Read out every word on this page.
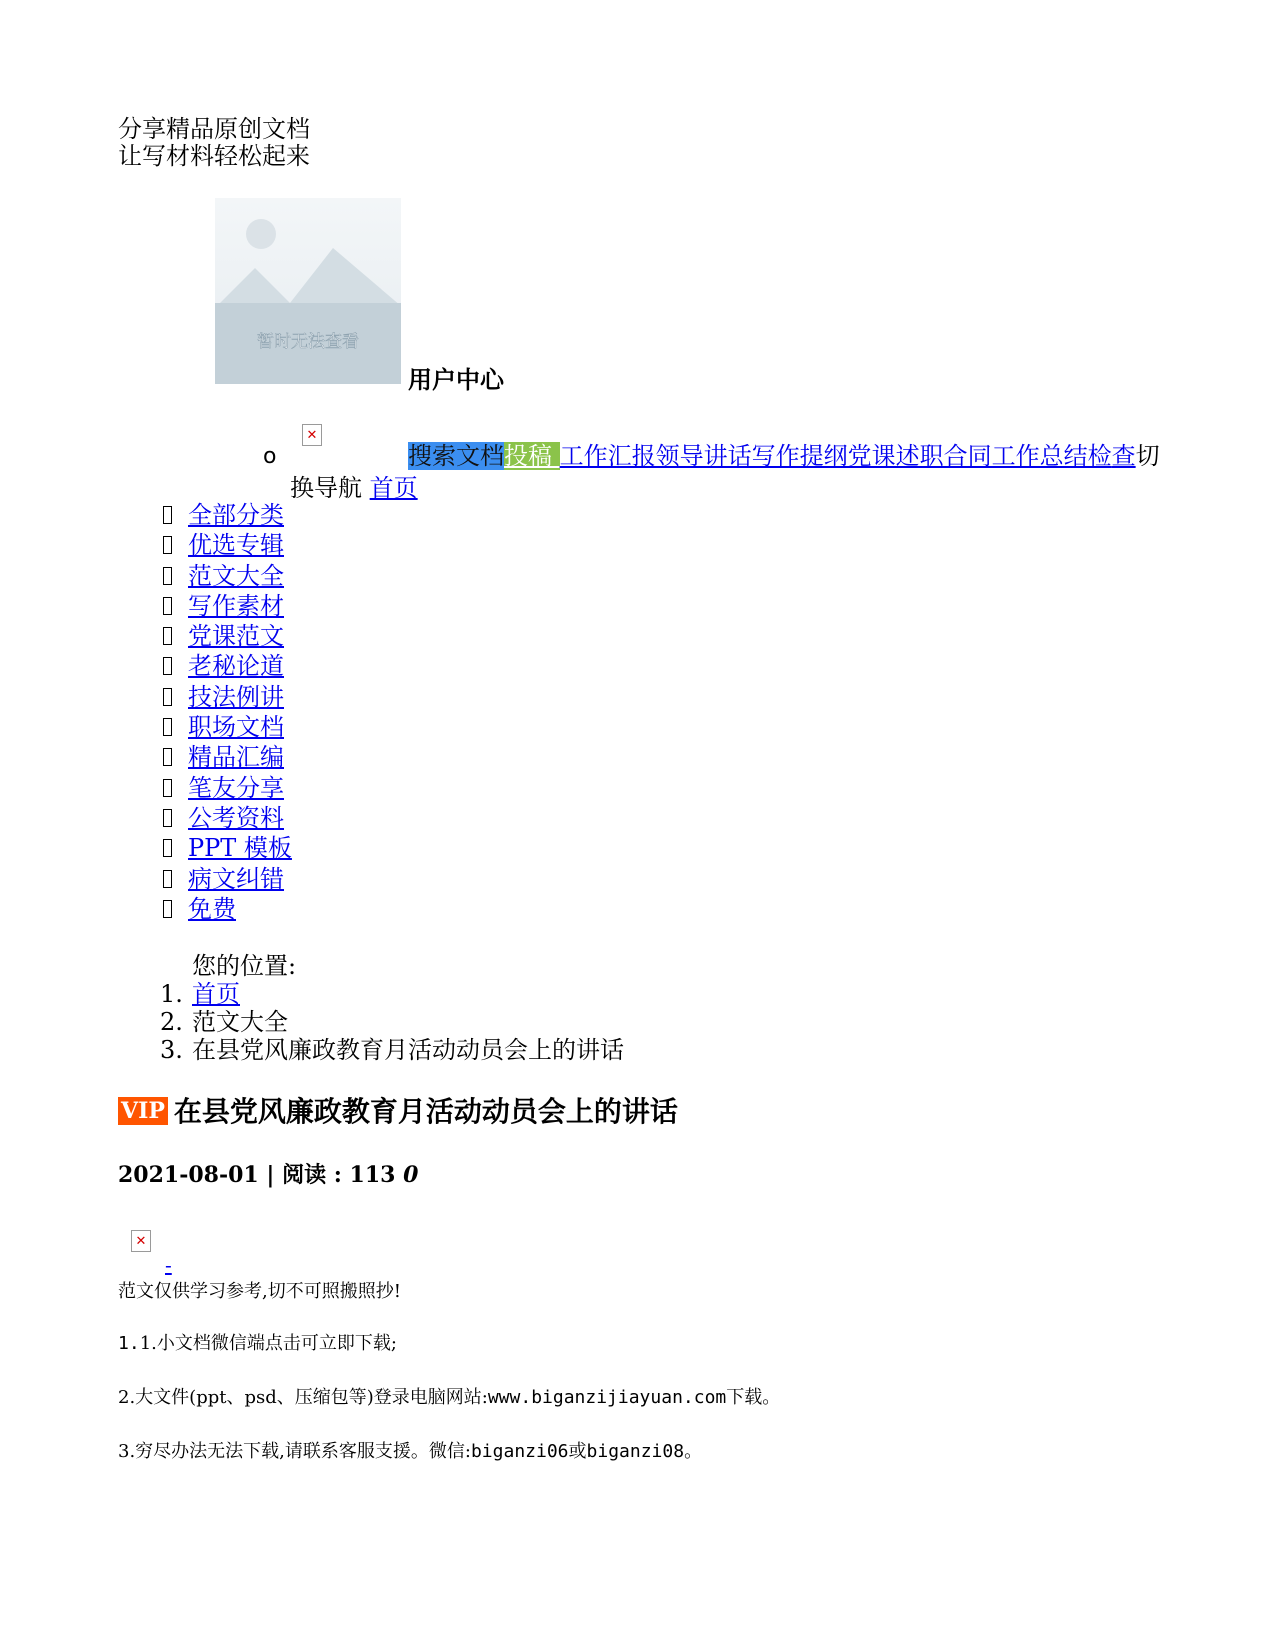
分享精品原创文档
让写材料轻松起来
暂时无法查看
用户中心
o
✕
搜索文档投稿 工作汇报领导讲话写作提纲党课述职合同工作总结检查切换导航 首页
全部分类
优选专辑
范文大全
写作素材
党课范文
老秘论道
技法例讲
职场文档
精品汇编
笔友分享
公考资料
PPT 模板
病文纠错
免费
您的位置:
1. 首页
2. 范文大全
3. 在县党风廉政教育月活动动员会上的讲话
VIP 在县党风廉政教育月活动动员会上的讲话
2021-08-01 | 阅读 : 113 0
✕
-
范文仅供学习参考,切不可照搬照抄!
1.1.小文档微信端点击可立即下载;
2.大文件(ppt、psd、压缩包等)登录电脑网站:www.biganzijiayuan.com下载。
3.穷尽办法无法下载,请联系客服支援。微信:biganzi06或biganzi08。
